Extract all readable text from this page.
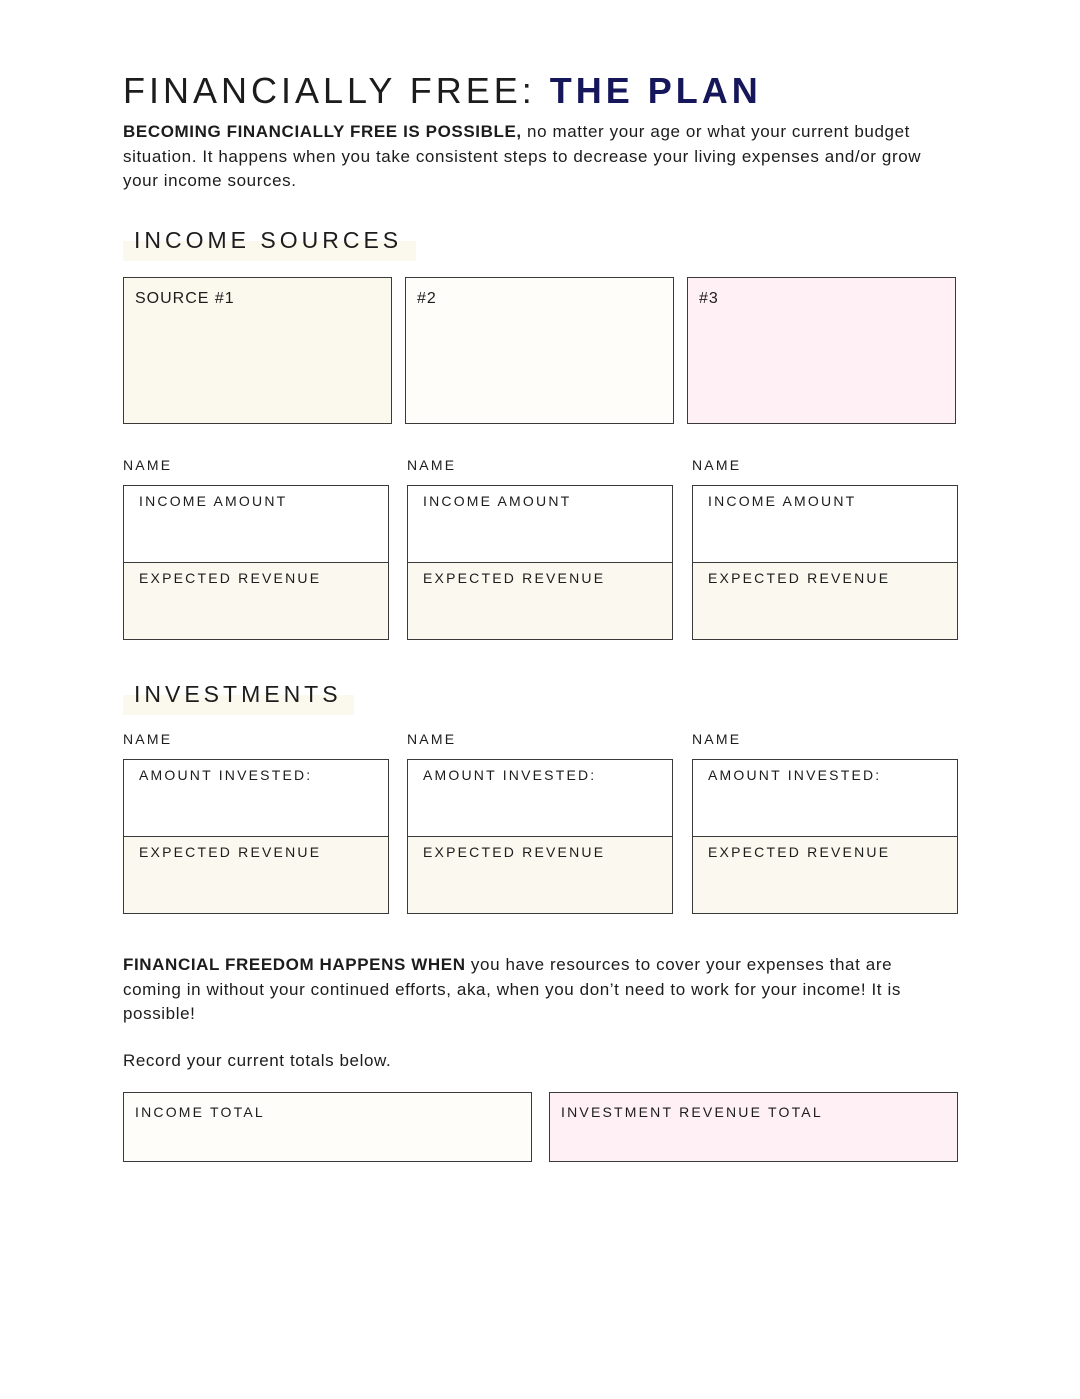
FINANCIALLY FREE: THE PLAN

BECOMING FINANCIALLY FREE IS POSSIBLE, no matter your age or what your current budget situation. It happens when you take consistent steps to decrease your living expenses and/or grow your income sources.

INCOME SOURCES
SOURCE #1	#2	#3
NAME	NAME	NAME
INCOME AMOUNT
EXPECTED REVENUE
INCOME AMOUNT
EXPECTED REVENUE
INCOME AMOUNT
EXPECTED REVENUE
INVESTMENTS
NAME	NAME	NAME
AMOUNT INVESTED:
EXPECTED REVENUE
AMOUNT INVESTED:
EXPECTED REVENUE
AMOUNT INVESTED:
EXPECTED REVENUE

FINANCIAL FREEDOM HAPPENS WHEN you have resources to cover your expenses that are coming in without your continued efforts, aka, when you don’t need to work for your income! It is possible!

Record your current totals below.

INCOME TOTAL	INVESTMENT REVENUE TOTAL
